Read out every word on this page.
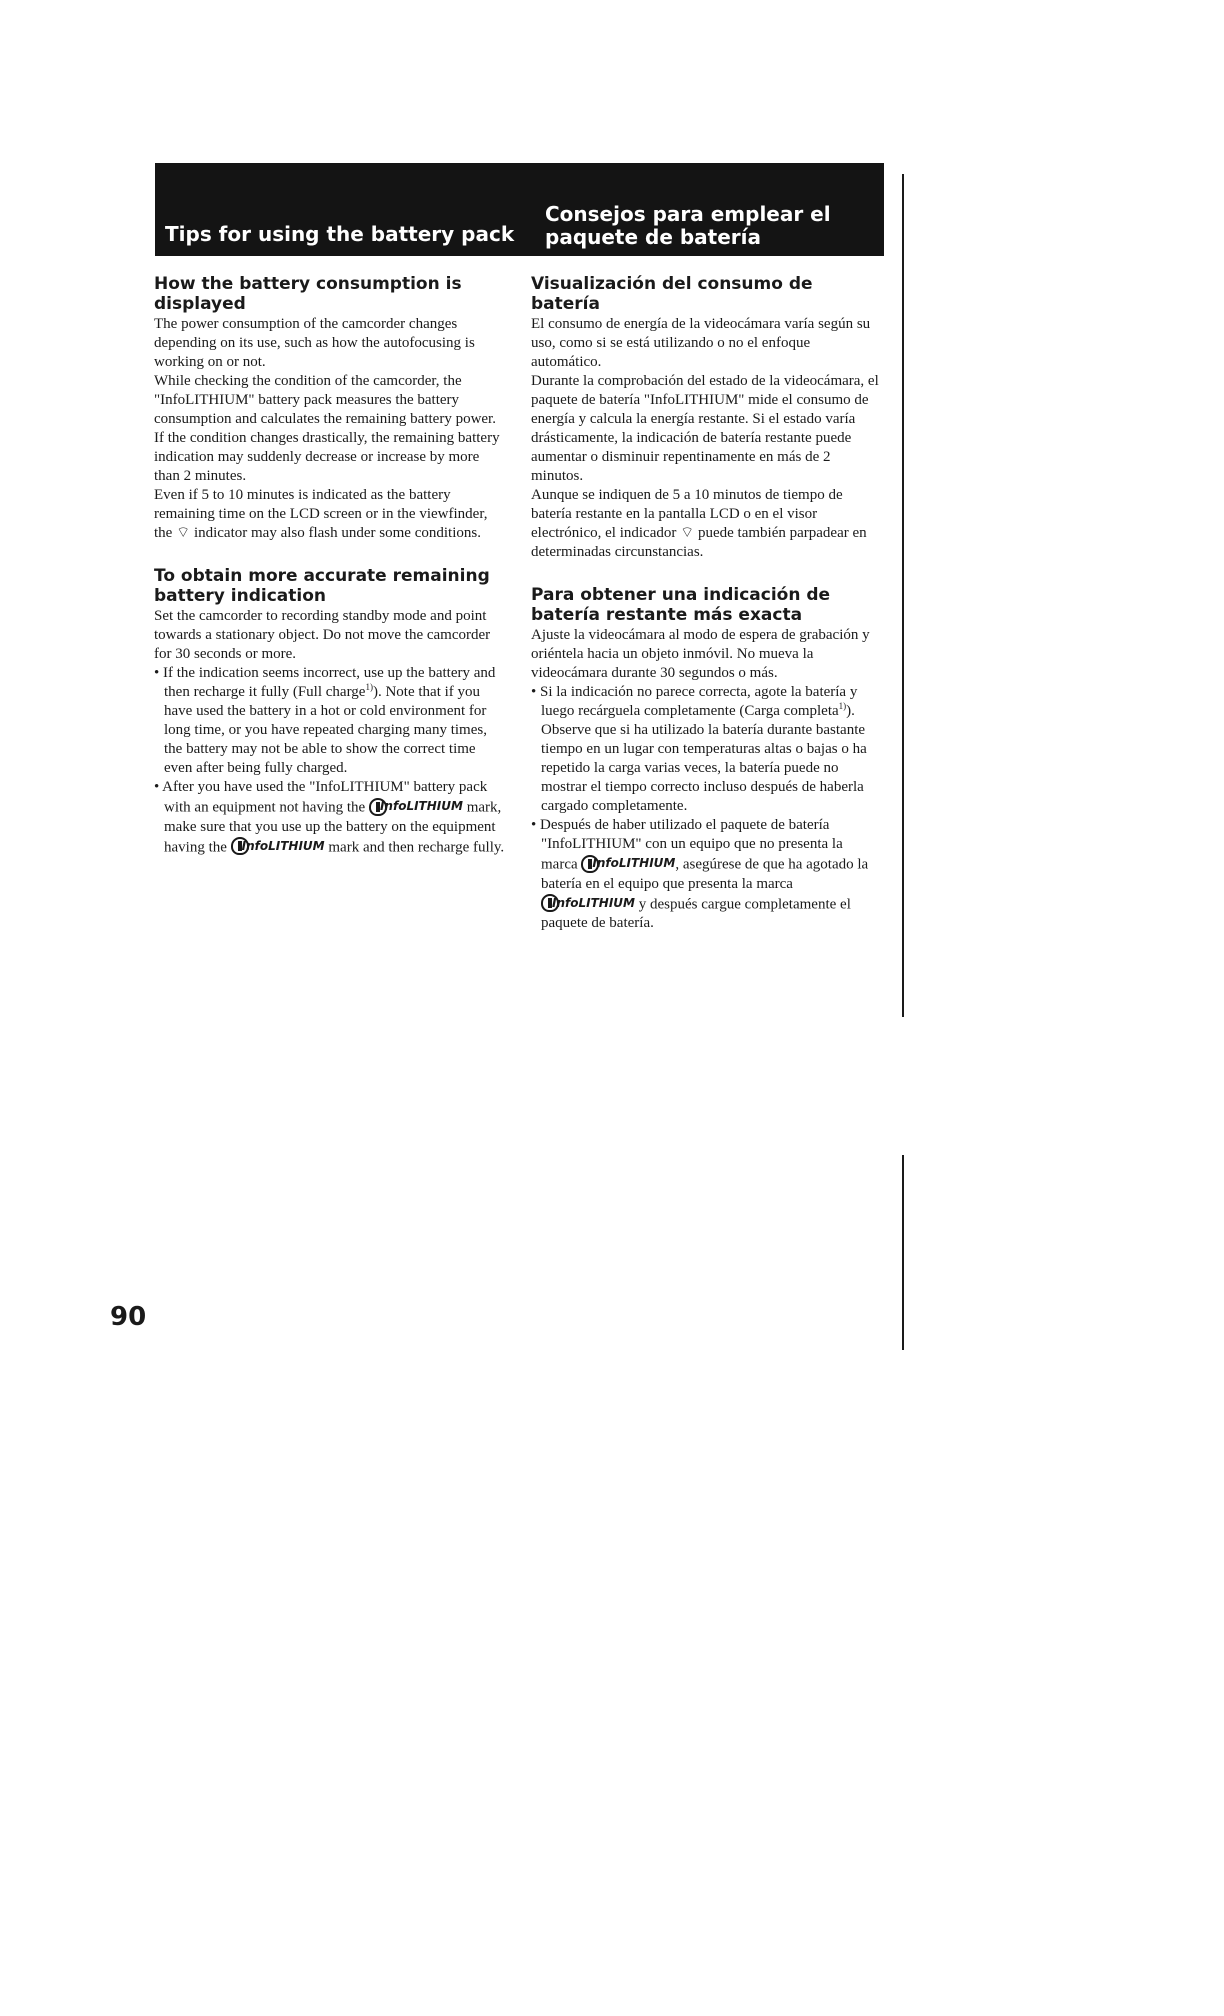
Tips for using the battery pack
Consejos para emplear el
paquete de batería
How the battery consumption is displayed

The power consumption of the camcorder changes depending on its use, such as how the autofocusing is working on or not.

While checking the condition of the camcorder, the "InfoLITHIUM" battery pack measures the battery consumption and calculates the remaining battery power. If the condition changes drastically, the remaining battery indication may suddenly decrease or increase by more than 2 minutes.

Even if 5 to 10 minutes is indicated as the battery remaining time on the LCD screen or in the viewfinder, the ⌔ indicator may also flash under some conditions.

To obtain more accurate remaining battery indication

Set the camcorder to recording standby mode and point towards a stationary object. Do not move the camcorder for 30 seconds or more.

• If the indication seems incorrect, use up the battery and then recharge it fully (Full charge$^{1)}$). Note that if you have used the battery in a hot or cold environment for long time, or you have repeated charging many times, the battery may not be able to show the correct time even after being fully charged.

• After you have used the "InfoLITHIUM" battery pack with an equipment not having the InfoLITHIUM mark, make sure that you use up the battery on the equipment having the InfoLITHIUM mark and then recharge fully.

Visualización del consumo de batería

El consumo de energía de la videocámara varía según su uso, como si se está utilizando o no el enfoque automático.

Durante la comprobación del estado de la videocámara, el paquete de batería "InfoLITHIUM" mide el consumo de energía y calcula la energía restante. Si el estado varía drásticamente, la indicación de batería restante puede aumentar o disminuir repentinamente en más de 2 minutos.

Aunque se indiquen de 5 a 10 minutos de tiempo de batería restante en la pantalla LCD o en el visor electrónico, el indicador ⌔ puede también parpadear en determinadas circunstancias.

Para obtener una indicación de batería restante más exacta

Ajuste la videocámara al modo de espera de grabación y oriéntela hacia un objeto inmóvil. No mueva la videocámara durante 30 segundos o más.

• Si la indicación no parece correcta, agote la batería y luego recárguela completamente (Carga completa$^{1)}$). Observe que si ha utilizado la batería durante bastante tiempo en un lugar con temperaturas altas o bajas o ha repetido la carga varias veces, la batería puede no mostrar el tiempo correcto incluso después de haberla cargado completamente.

• Después de haber utilizado el paquete de batería "InfoLITHIUM" con un equipo que no presenta la marca InfoLITHIUM , asegúrese de que ha agotado la batería en el equipo que presenta la marca
InfoLITHIUM y después cargue completamente el paquete de batería.

90
